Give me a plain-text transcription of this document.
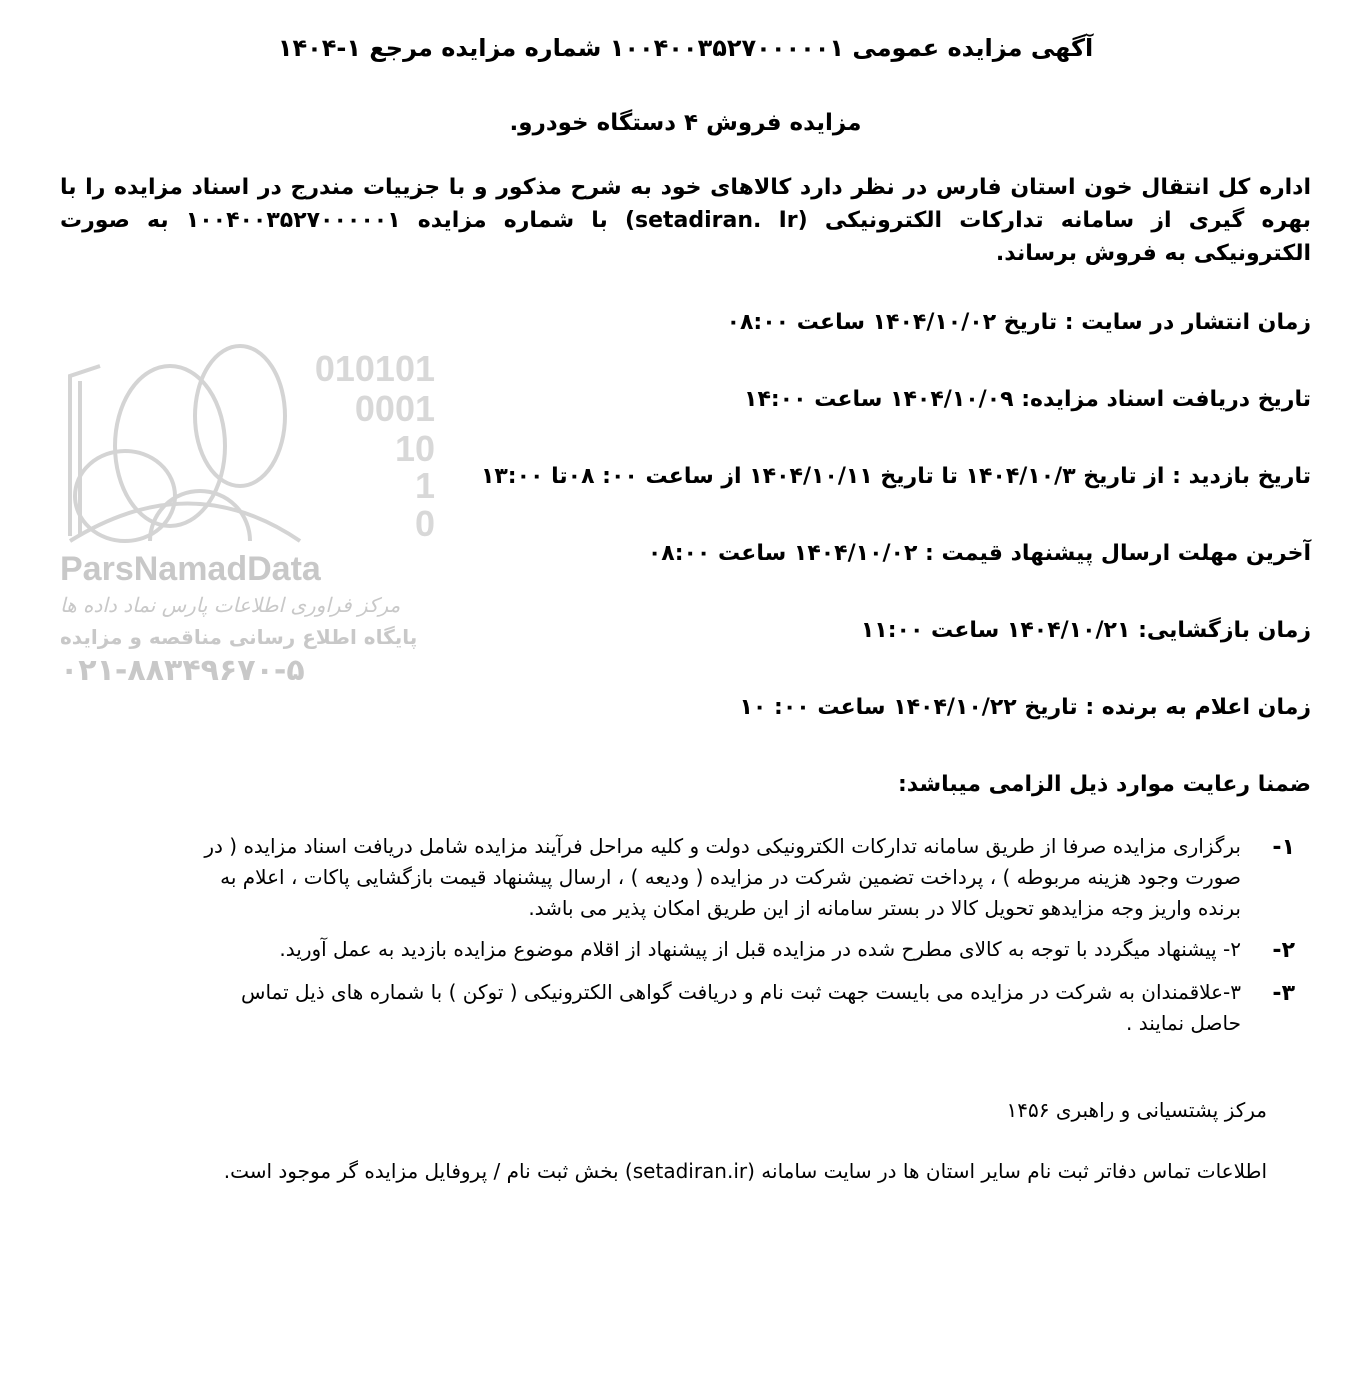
آگهی مزایده عمومی ۱۰۰۴۰۰۳۵۲۷۰۰۰۰۰۱ شماره مزایده مرجع ۱-۱۴۰۴
مزایده فروش ۴ دستگاه خودرو.

اداره کل انتقال خون استان فارس در نظر دارد کالاهای خود به شرح مذکور و با جزییات مندرج در اسناد مزایده را با بهره گیری از سامانه تدارکات الکترونیکی (setadiran. Ir) با شماره مزایده ۱۰۰۴۰۰۳۵۲۷۰۰۰۰۰۱ به صورت الکترونیکی به فروش برساند.

زمان انتشار در سایت : تاریخ ۱۴۰۴/۱۰/۰۲ ساعت ۰۸:۰۰
تاریخ دریافت اسناد مزایده: ۱۴۰۴/۱۰/۰۹ ساعت ۱۴:۰۰
تاریخ بازدید : از تاریخ ۱۴۰۴/۱۰/۳ تا تاریخ ۱۴۰۴/۱۰/۱۱ از ساعت ۰۰: ۰۸تا ۱۳:۰۰
آخرین مهلت ارسال پیشنهاد قیمت : ۱۴۰۴/۱۰/۰۲ ساعت ۰۸:۰۰
زمان بازگشایی: ۱۴۰۴/۱۰/۲۱ ساعت ۱۱:۰۰
زمان اعلام به برنده : تاریخ ۱۴۰۴/۱۰/۲۲ ساعت ۰۰: ۱۰
ضمنا رعایت موارد ذیل الزامی میباشد:
010101
0001
10
1
0
ParsNamadData
مرکز فراوری اطلاعات پارس نماد داده ها
پایگاه اطلاع رسانی مناقصه و مزایده
۰۲۱-۸۸۳۴۹۶۷۰-۵
۱-
برگزاری مزایده صرفا از طریق سامانه تدارکات الکترونیکی دولت و کلیه مراحل فرآیند مزایده شامل دریافت اسناد مزایده ( در
صورت وجود هزینه مربوطه ) ، پرداخت تضمین شرکت در مزایده ( ودیعه ) ، ارسال پیشنهاد قیمت بازگشایی پاکات ، اعلام به
برنده واریز وجه مزایدهو تحویل کالا در بستر سامانه از این طریق امکان پذیر می باشد.
۲-
۲- پیشنهاد میگردد با توجه به کالای مطرح شده در مزایده قبل از پیشنهاد از اقلام موضوع مزایده بازدید به عمل آورید.
۳-
۳-علاقمندان به شرکت در مزایده می بایست جهت ثبت نام و دریافت گواهی الکترونیکی ( توکن ) با شماره های ذیل تماس
حاصل نمایند .
مرکز پشتسیانی و راهبری ۱۴۵۶
اطلاعات تماس دفاتر ثبت نام سایر استان ها در سایت سامانه (setadiran.ir) بخش ثبت نام / پروفایل مزایده گر موجود است.
